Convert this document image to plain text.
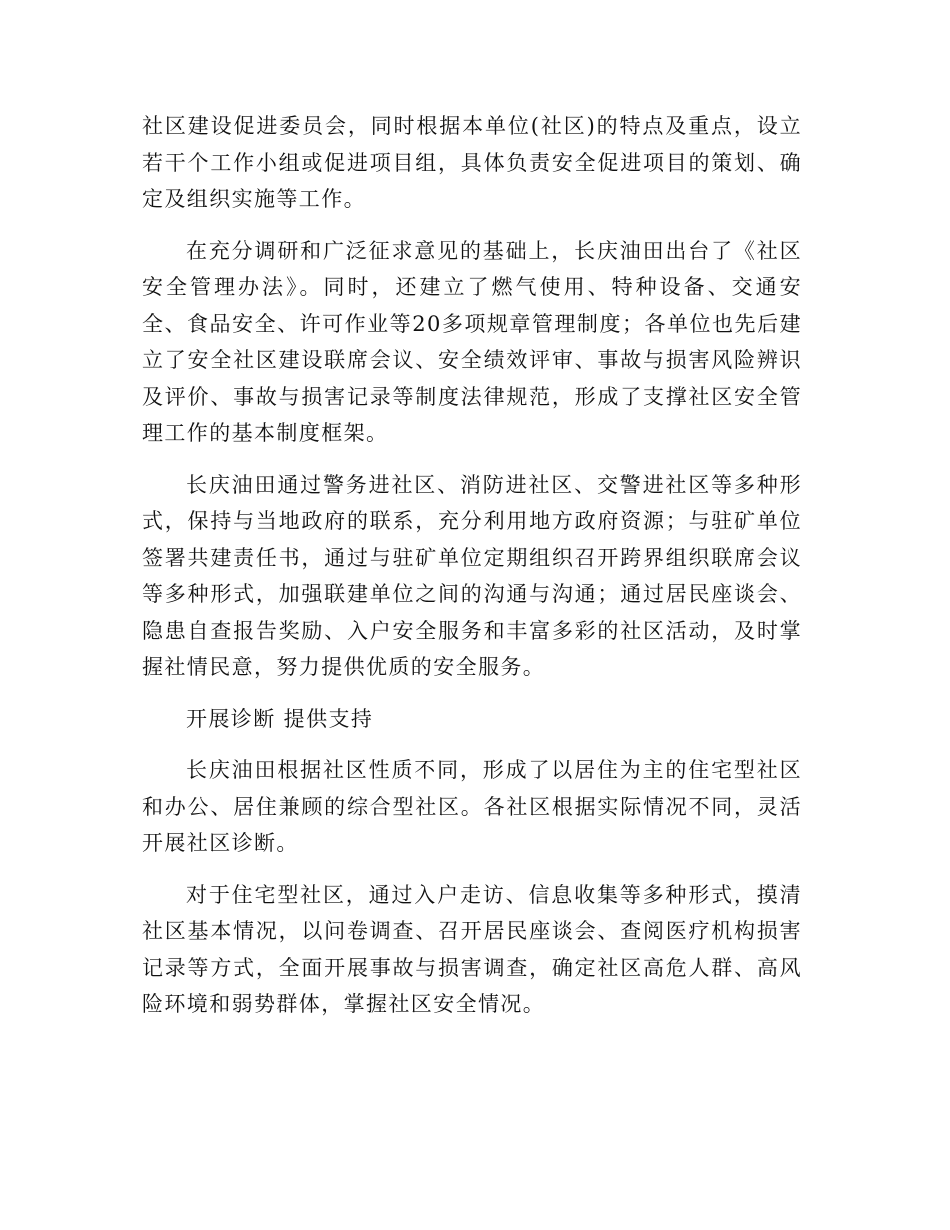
社区建设促进委员会，同时根据本单位(社区)的特点及重点，设立若干个工作小组或促进项目组，具体负责安全促进项目的策划、确定及组织实施等工作。

在充分调研和广泛征求意见的基础上，长庆油田出台了《社区安全管理办法》。同时，还建立了燃气使用、特种设备、交通安全、食品安全、许可作业等20多项规章管理制度；各单位也先后建立了安全社区建设联席会议、安全绩效评审、事故与损害风险辨识及评价、事故与损害记录等制度法律规范，形成了支撑社区安全管理工作的基本制度框架。

长庆油田通过警务进社区、消防进社区、交警进社区等多种形式，保持与当地政府的联系，充分利用地方政府资源；与驻矿单位签署共建责任书，通过与驻矿单位定期组织召开跨界组织联席会议等多种形式，加强联建单位之间的沟通与沟通；通过居民座谈会、隐患自查报告奖励、入户安全服务和丰富多彩的社区活动，及时掌握社情民意，努力提供优质的安全服务。

开展诊断 提供支持

长庆油田根据社区性质不同，形成了以居住为主的住宅型社区和办公、居住兼顾的综合型社区。各社区根据实际情况不同，灵活开展社区诊断。

对于住宅型社区，通过入户走访、信息收集等多种形式，摸清社区基本情况，以问卷调查、召开居民座谈会、查阅医疗机构损害记录等方式，全面开展事故与损害调查，确定社区高危人群、高风险环境和弱势群体，掌握社区安全情况。
